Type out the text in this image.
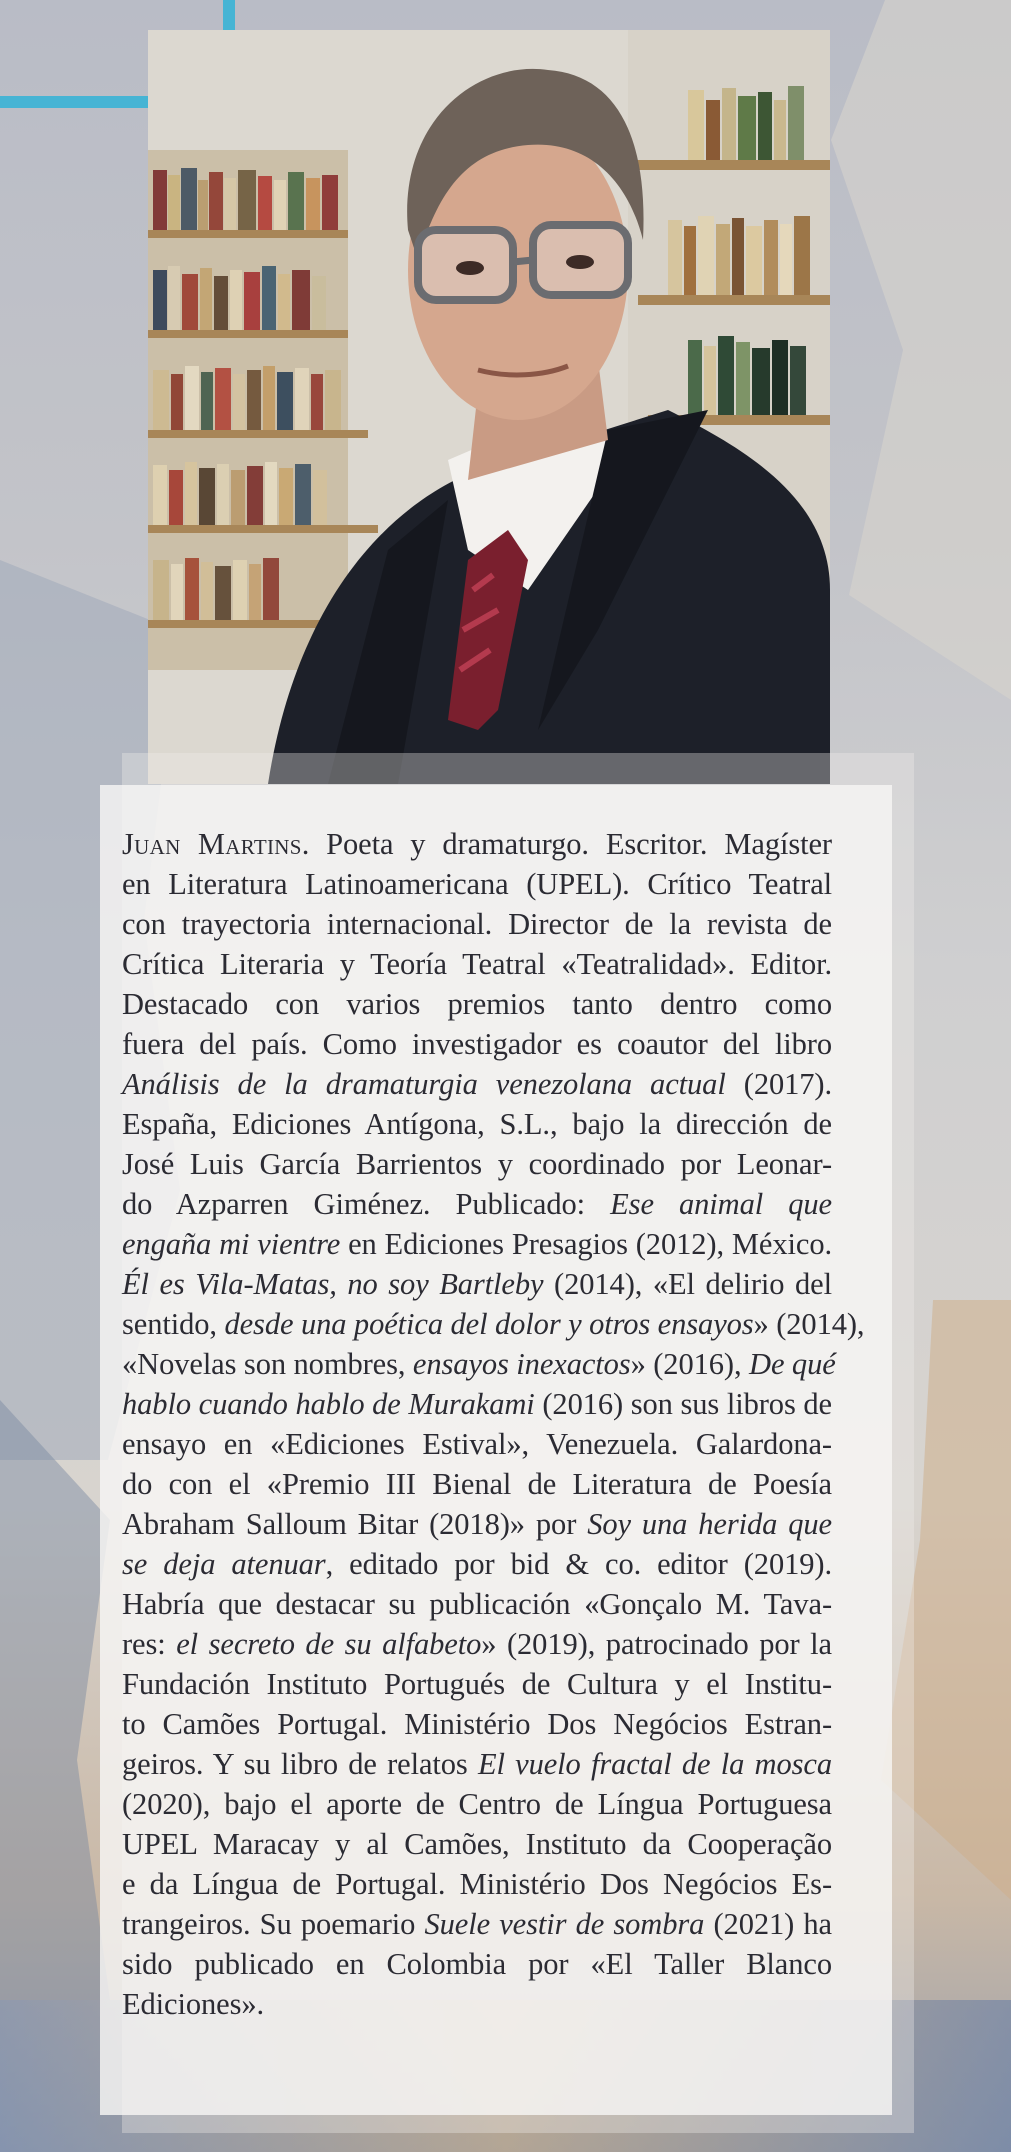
Juan Martins. Poeta y dramaturgo. Escritor. Magíster
en Literatura Latinoamericana (UPEL). Crítico Teatral
con trayectoria internacional. Director de la revista de
Crítica Literaria y Teoría Teatral «Teatralidad». Editor.
Destacado con varios premios tanto dentro como
fuera del país. Como investigador es coautor del libro
Análisis de la dramaturgia venezolana actual (2017).
España, Ediciones Antígona, S.L., bajo la dirección de
José Luis García Barrientos y coordinado por Leonar-
do Azparren Giménez. Publicado: Ese animal que
engaña mi vientre en Ediciones Presagios (2012), México.
Él es Vila-Matas, no soy Bartleby (2014), «El delirio del
sentido, desde una poética del dolor y otros ensayos» (2014),
«Novelas son nombres, ensayos inexactos» (2016), De qué
hablo cuando hablo de Murakami (2016) son sus libros de
ensayo en «Ediciones Estival», Venezuela. Galardona-
do con el «Premio III Bienal de Literatura de Poesía
Abraham Salloum Bitar (2018)» por Soy una herida que
se deja atenuar, editado por bid & co. editor (2019).
Habría que destacar su publicación «Gonçalo M. Tava-
res: el secreto de su alfabeto» (2019), patrocinado por la
Fundación Instituto Portugués de Cultura y el Institu-
to Camões Portugal. Ministério Dos Negócios Estran-
geiros. Y su libro de relatos El vuelo fractal de la mosca
(2020), bajo el aporte de Centro de Língua Portuguesa
UPEL Maracay y al Camões, Instituto da Cooperação
e da Língua de Portugal. Ministério Dos Negócios Es-
trangeiros. Su poemario Suele vestir de sombra (2021) ha
sido publicado en Colombia por «El Taller Blanco
Ediciones».
